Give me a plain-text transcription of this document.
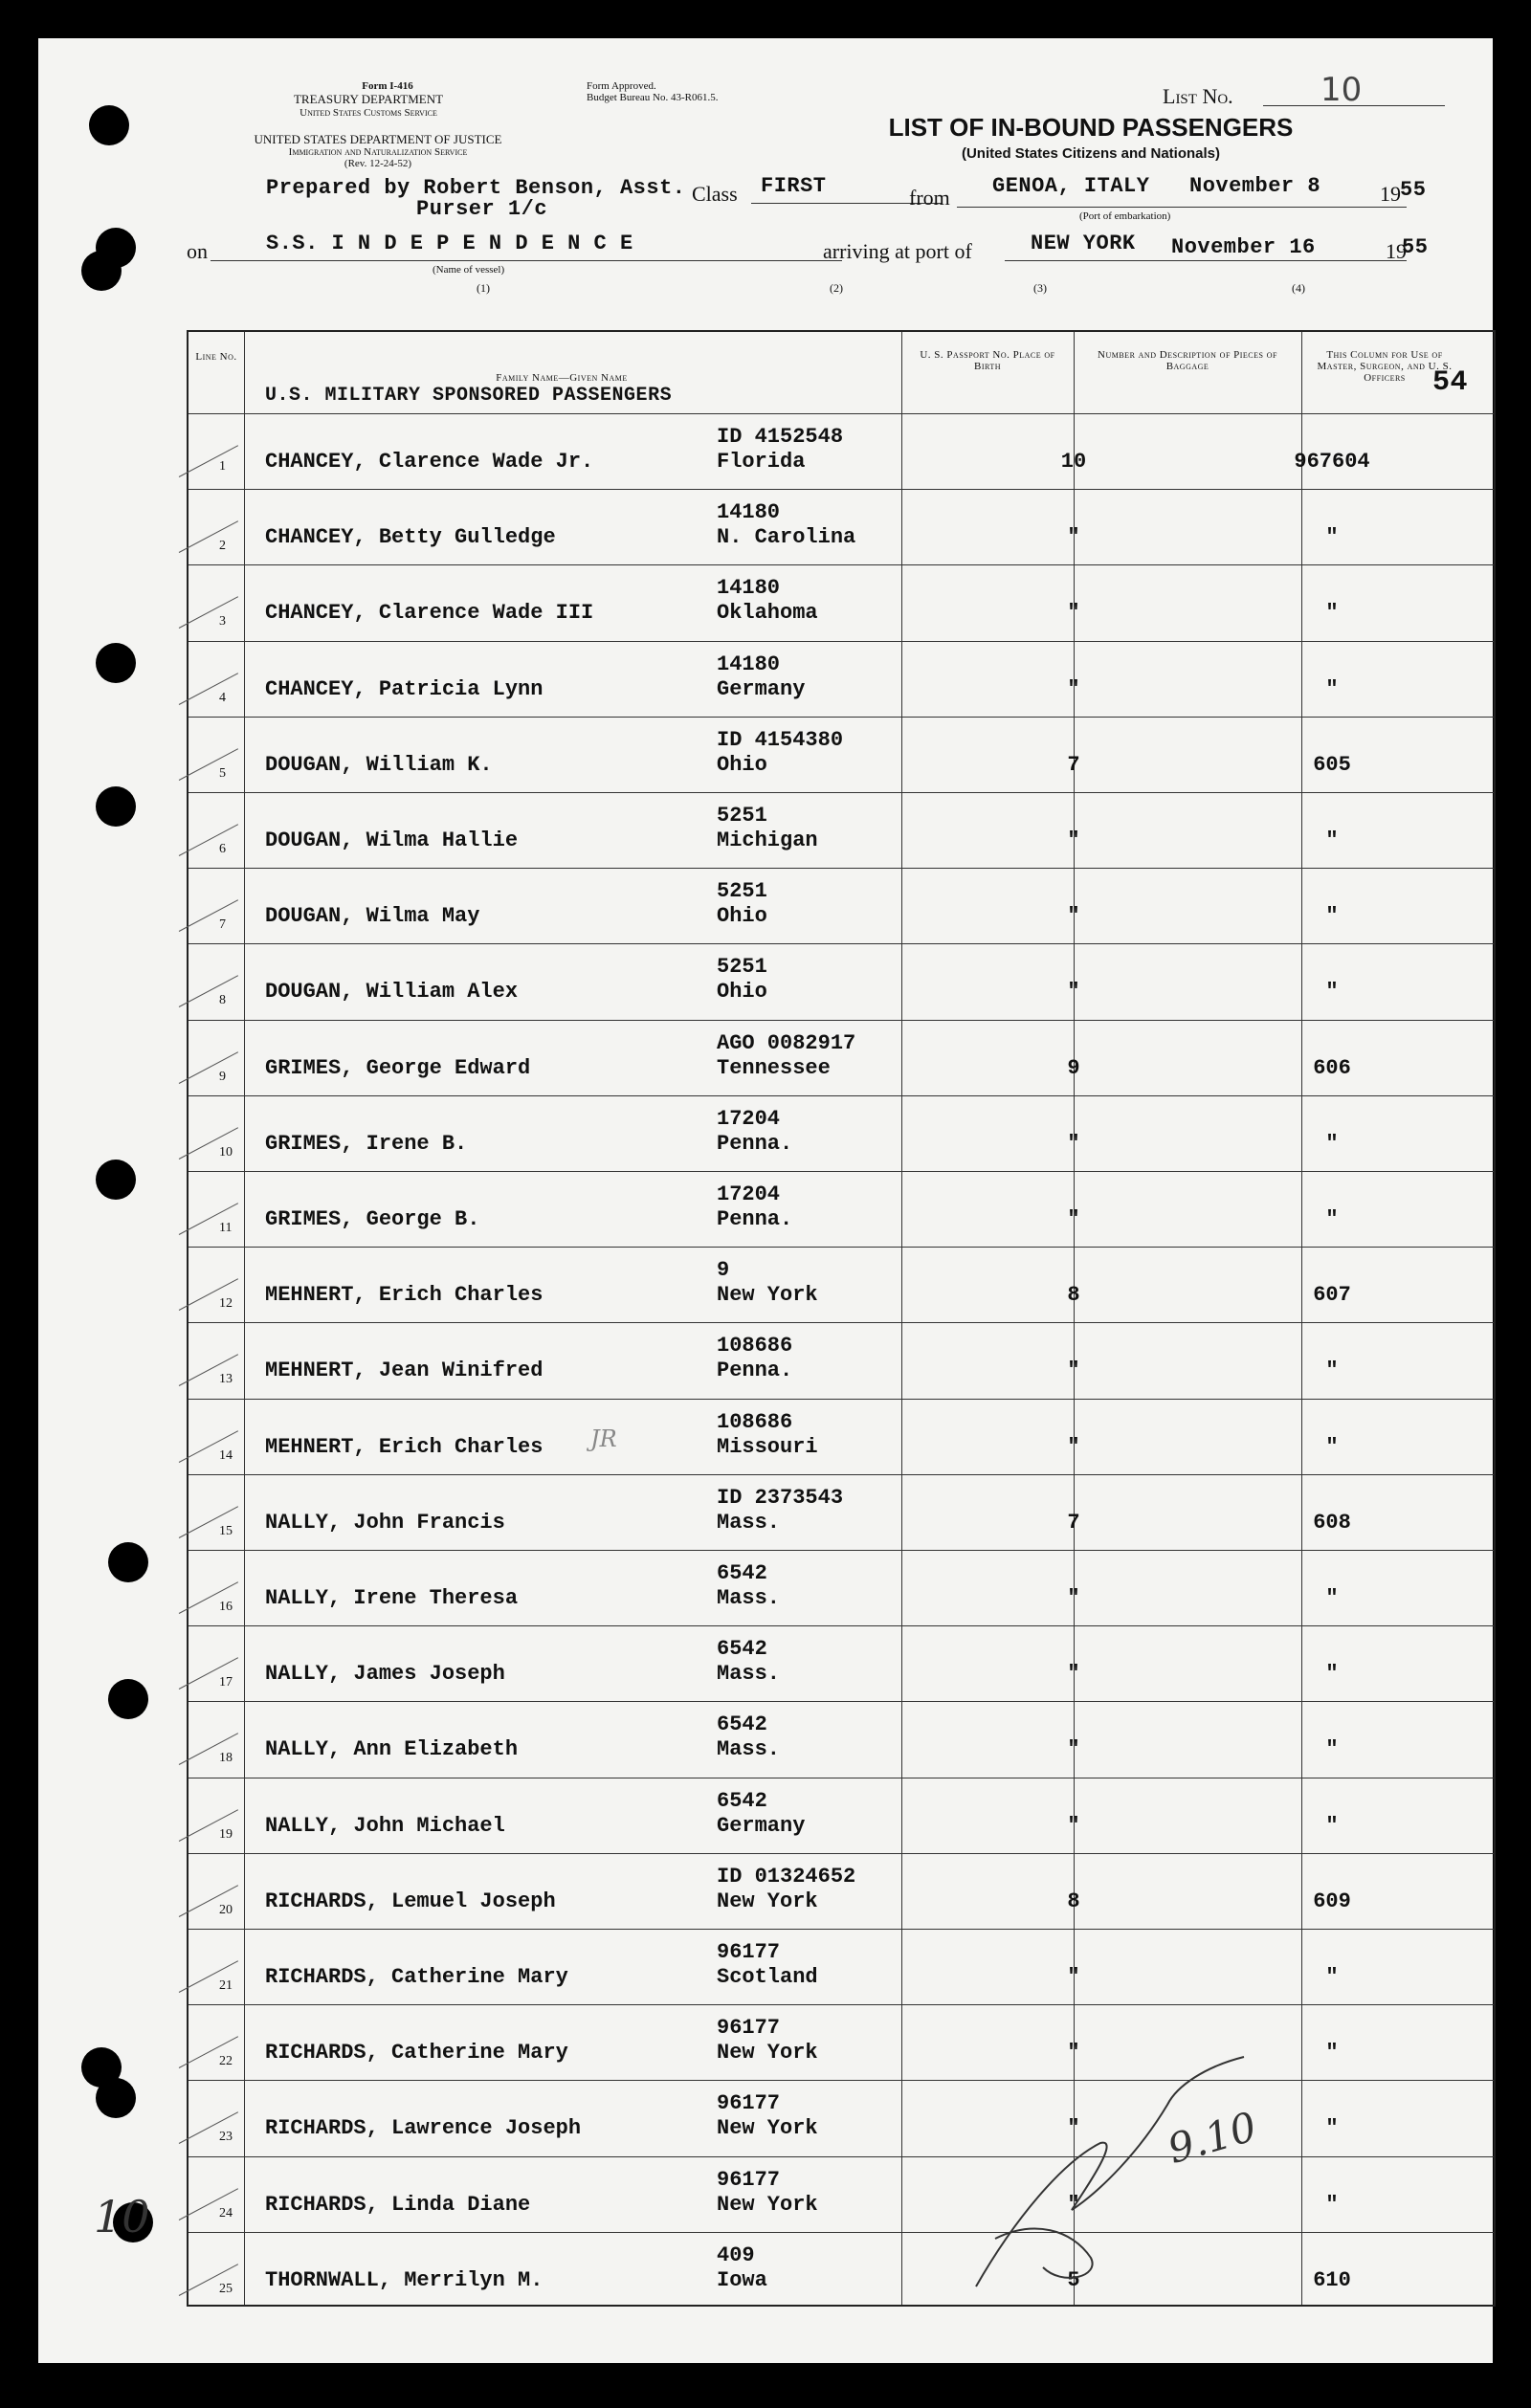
Form I-416
TREASURY DEPARTMENT
United States Customs Service
UNITED STATES DEPARTMENT OF JUSTICE
Immigration and Naturalization Service
(Rev. 12-24-52)
Form Approved.
Budget Bureau No. 43-R061.5.	List No.	10
LIST OF IN-BOUND PASSENGERS
(United States Citizens and Nationals)
Prepared by Robert Benson, Asst.
Purser 1/c
Class FIRST	from GENOA, ITALY November 8
(Port of embarkation)
19 55
on	S.S. I N D E P E N D E N C E
(Name of vessel)
arriving at port of	NEW YORK November 16	19
55
(1)	(2)	(3)	(4)
Line No.
Family Name—Given Name
U.S. MILITARY SPONSORED PASSENGERS
U. S. Passport No. Place of Birth
Number and Description of Pieces of Baggage
This Column for Use of Master, Surgeon, and U. S. Officers 54
1 CHANCEY, Clarence Wade Jr.
ID 4152548
Florida	10	967604
2 CHANCEY, Betty Gulledge
14180
N. Carolina	"	"
3 CHANCEY, Clarence Wade III
14180
Oklahoma	"	"
4 CHANCEY, Patricia Lynn
14180
Germany	"	"
5 DOUGAN, William K.
ID 4154380
Ohio	7	605
6 DOUGAN, Wilma Hallie
5251
Michigan	"	"
7 DOUGAN, Wilma May
5251
Ohio	"	"
8 DOUGAN, William Alex
5251
Ohio	"	"
9 GRIMES, George Edward
AGO 0082917
Tennessee	9	606
10 GRIMES, Irene B.
17204
Penna.	"	"
11 GRIMES, George B.
17204
Penna.	"	"
12 MEHNERT, Erich Charles
9
New York	8	607
13 MEHNERT, Jean Winifred
108686
Penna.	"	"
14 MEHNERT, Erich Charles
108686
Missouri	"	"
JR
15 NALLY, John Francis
ID 2373543
Mass.	7	608
16 NALLY, Irene Theresa
6542
Mass.	"	"
17 NALLY, James Joseph
6542
Mass.	"	"
18 NALLY, Ann Elizabeth
6542
Mass.	"	"
19 NALLY, John Michael
6542
Germany	"	"
20 RICHARDS, Lemuel Joseph
ID 01324652
New York	8	609
21 RICHARDS, Catherine Mary
96177
Scotland	"	"
22 RICHARDS, Catherine Mary
96177
New York	"	"
23 RICHARDS, Lawrence Joseph
96177
New York	"	"
24 RICHARDS, Linda Diane
96177
New York	"	"
25 THORNWALL, Merrilyn M.
409
Iowa	5	610
10
9.10
